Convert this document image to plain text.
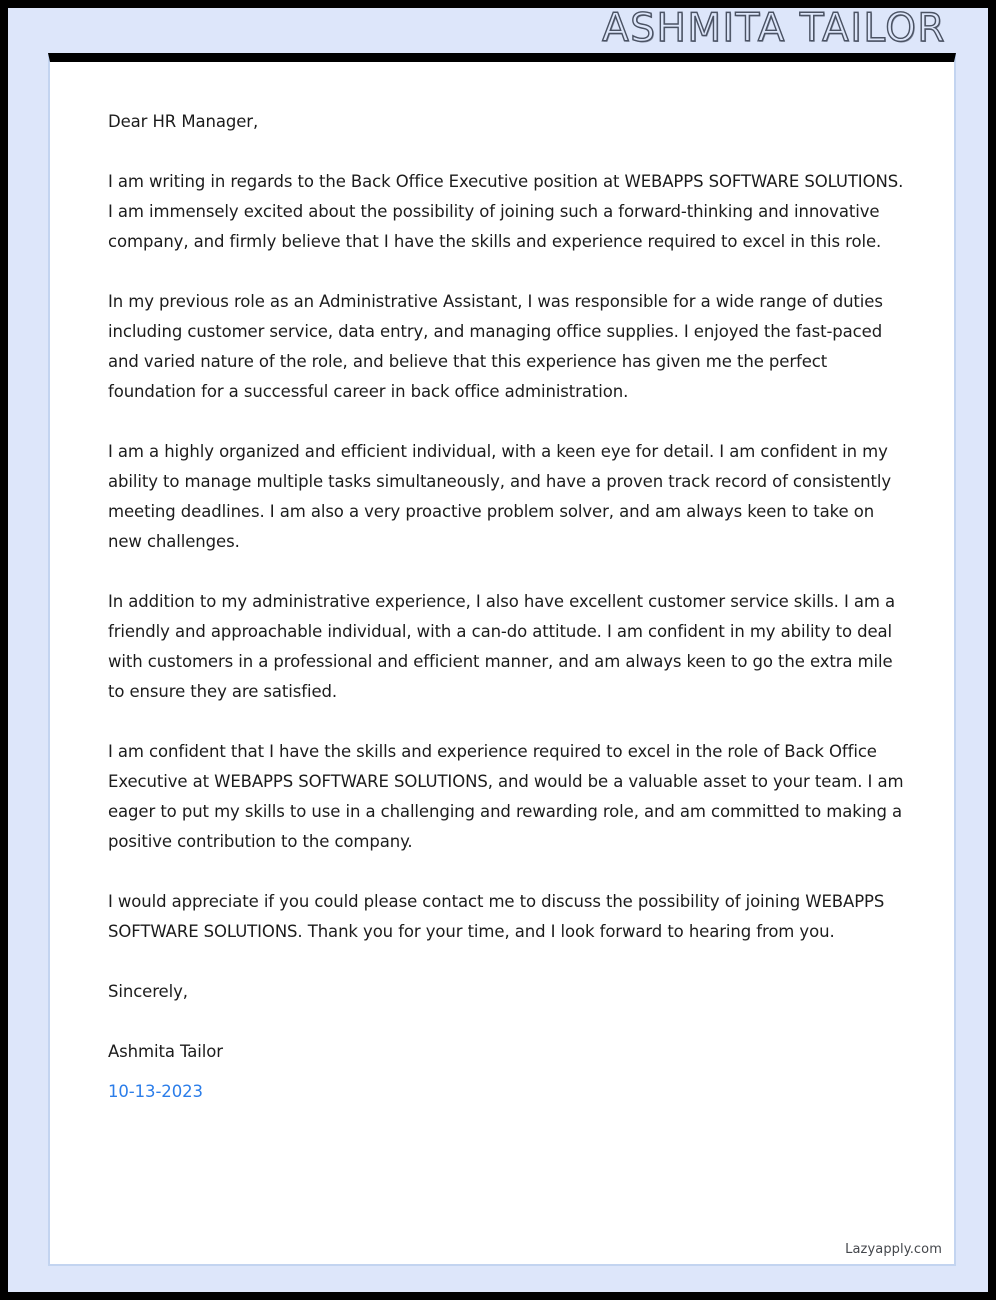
ASHMITA TAILOR

Dear HR Manager,

I am writing in regards to the Back Office Executive position at WEBAPPS SOFTWARE SOLUTIONS. I am immensely excited about the possibility of joining such a forward-thinking and innovative company, and firmly believe that I have the skills and experience required to excel in this role.

In my previous role as an Administrative Assistant, I was responsible for a wide range of duties including customer service, data entry, and managing office supplies. I enjoyed the fast-paced and varied nature of the role, and believe that this experience has given me the perfect foundation for a successful career in back office administration.

I am a highly organized and efficient individual, with a keen eye for detail. I am confident in my ability to manage multiple tasks simultaneously, and have a proven track record of consistently meeting deadlines. I am also a very proactive problem solver, and am always keen to take on new challenges.

In addition to my administrative experience, I also have excellent customer service skills. I am a friendly and approachable individual, with a can-do attitude. I am confident in my ability to deal with customers in a professional and efficient manner, and am always keen to go the extra mile to ensure they are satisfied.

I am confident that I have the skills and experience required to excel in the role of Back Office Executive at WEBAPPS SOFTWARE SOLUTIONS, and would be a valuable asset to your team. I am eager to put my skills to use in a challenging and rewarding role, and am committed to making a positive contribution to the company.

I would appreciate if you could please contact me to discuss the possibility of joining WEBAPPS SOFTWARE SOLUTIONS. Thank you for your time, and I look forward to hearing from you.

Sincerely,

Ashmita Tailor

10-13-2023

Lazyapply.com
